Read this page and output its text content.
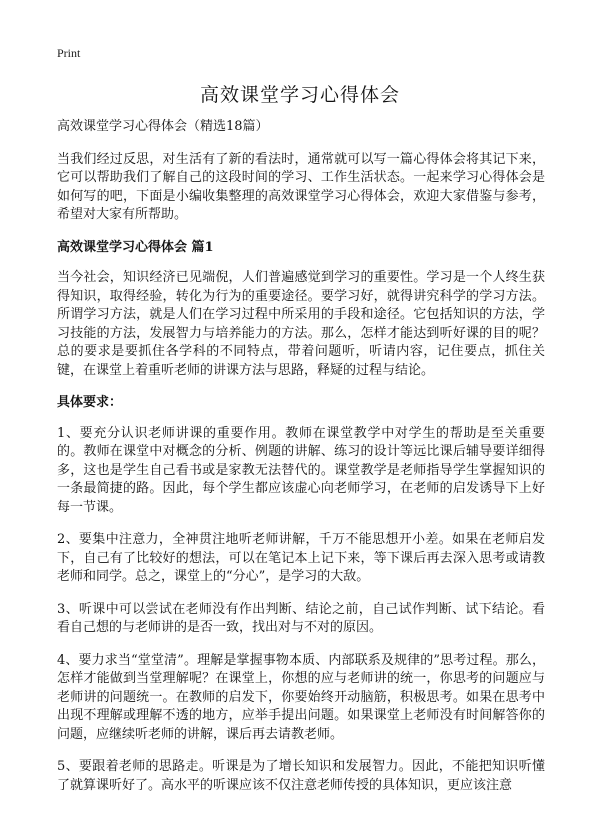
Print
高效课堂学习心得体会

高效课堂学习心得体会（精选18篇）

当我们经过反思，对生活有了新的看法时，通常就可以写一篇心得体会将其记下来，它可以帮助我们了解自己的这段时间的学习、工作生活状态。一起来学习心得体会是如何写的吧，下面是小编收集整理的高效课堂学习心得体会，欢迎大家借鉴与参考，希望对大家有所帮助。

高效课堂学习心得体会 篇1

当今社会，知识经济已见端倪，人们普遍感觉到学习的重要性。学习是一个人终生获得知识，取得经验，转化为行为的重要途径。要学习好，就得讲究科学的学习方法。所谓学习方法，就是人们在学习过程中所采用的手段和途径。它包括知识的方法，学习技能的方法，发展智力与培养能力的方法。那么，怎样才能达到听好课的目的呢？总的要求是要抓住各学科的不同特点，带着问题听，听请内容，记住要点，抓住关键，在课堂上着重听老师的讲课方法与思路，释疑的过程与结论。

具体要求：

1、要充分认识老师讲课的重要作用。教师在课堂教学中对学生的帮助是至关重要的。教师在课堂中对概念的分析、例题的讲解、练习的设计等远比课后辅导要详细得多，这也是学生自己看书或是家教无法替代的。课堂教学是老师指导学生掌握知识的一条最简捷的路。因此，每个学生都应该虚心向老师学习，在老师的启发诱导下上好每一节课。

2、要集中注意力，全神贯注地听老师讲解，千万不能思想开小差。如果在老师启发下，自己有了比较好的想法，可以在笔记本上记下来，等下课后再去深入思考或请教老师和同学。总之，课堂上的“分心”，是学习的大敌。

3、听课中可以尝试在老师没有作出判断、结论之前，自己试作判断、试下结论。看看自己想的与老师讲的是否一致，找出对与不对的原因。

4、要力求当“堂堂清”。理解是掌握事物本质、内部联系及规律的”思考过程。那么，怎样才能做到当堂理解呢？在课堂上，你想的应与老师讲的统一，你思考的问题应与老师讲的问题统一。在教师的启发下，你要始终开动脑筋，积极思考。如果在思考中出现不理解或理解不透的地方，应举手提出问题。如果课堂上老师没有时间解答你的问题，应继续听老师的讲解，课后再去请教老师。

5、要跟着老师的思路走。听课是为了增长知识和发展智力。因此，不能把知识听懂了就算课听好了。高水平的听课应该不仅注意老师传授的具体知识，更应该注意
